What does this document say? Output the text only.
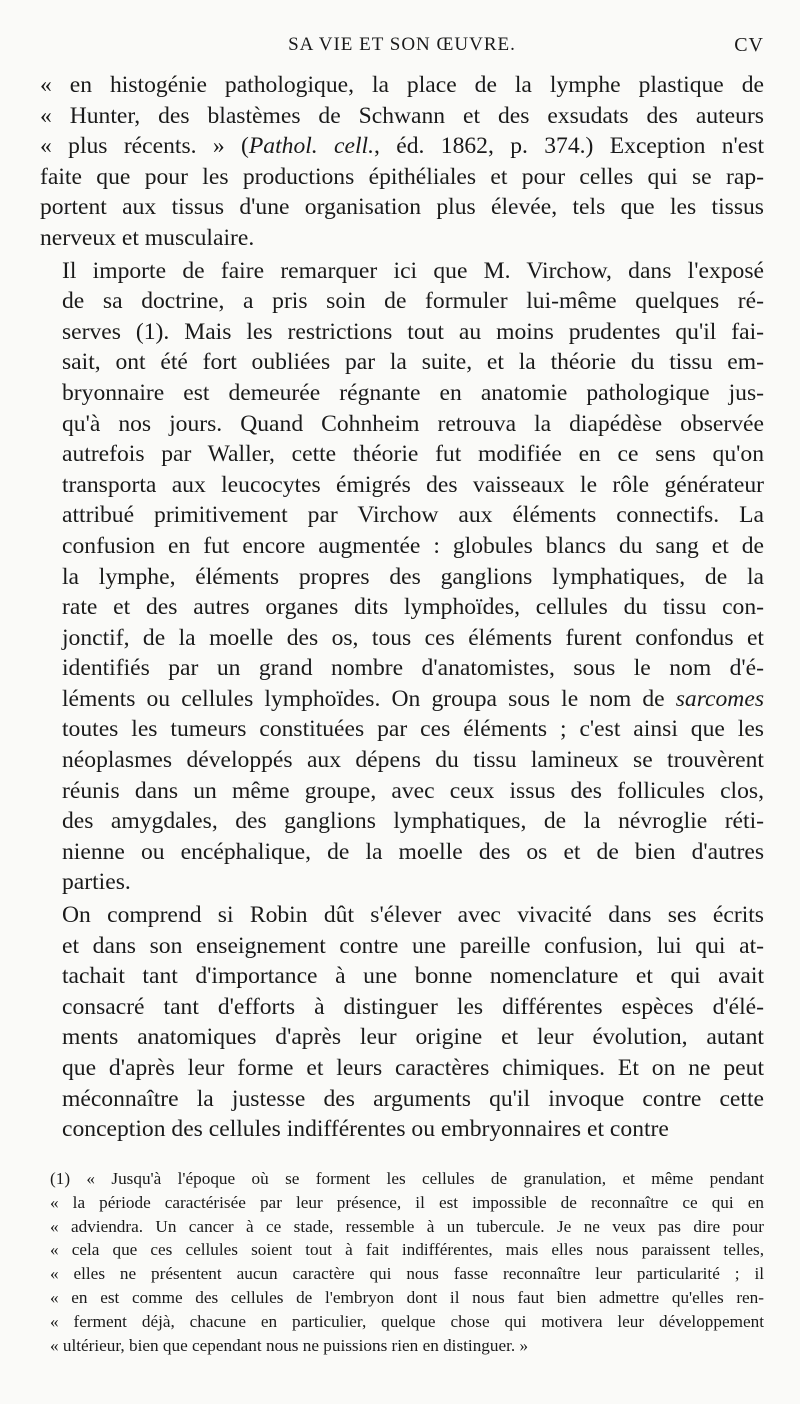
SA VIE ET SON ŒUVRE.	CV

« en histogénie pathologique, la place de la lymphe plastique de
« Hunter, des blastèmes de Schwann et des exsudats des auteurs
« plus récents. » (Pathol. cell., éd. 1862, p. 374.) Exception n'est
faite que pour les productions épithéliales et pour celles qui se rap-
portent aux tissus d'une organisation plus élevée, tels que les tissus
nerveux et musculaire.

Il importe de faire remarquer ici que M. Virchow, dans l'exposé
de sa doctrine, a pris soin de formuler lui-même quelques ré-
serves (1). Mais les restrictions tout au moins prudentes qu'il fai-
sait, ont été fort oubliées par la suite, et la théorie du tissu em-
bryonnaire est demeurée régnante en anatomie pathologique jus-
qu'à nos jours. Quand Cohnheim retrouva la diapédèse observée
autrefois par Waller, cette théorie fut modifiée en ce sens qu'on
transporta aux leucocytes émigrés des vaisseaux le rôle générateur
attribué primitivement par Virchow aux éléments connectifs. La
confusion en fut encore augmentée : globules blancs du sang et de
la lymphe, éléments propres des ganglions lymphatiques, de la
rate et des autres organes dits lymphoïdes, cellules du tissu con-
jonctif, de la moelle des os, tous ces éléments furent confondus et
identifiés par un grand nombre d'anatomistes, sous le nom d'é-
léments ou cellules lymphoïdes. On groupa sous le nom de sarcomes
toutes les tumeurs constituées par ces éléments ; c'est ainsi que les
néoplasmes développés aux dépens du tissu lamineux se trouvèrent
réunis dans un même groupe, avec ceux issus des follicules clos,
des amygdales, des ganglions lymphatiques, de la névroglie réti-
nienne ou encéphalique, de la moelle des os et de bien d'autres
parties.

On comprend si Robin dût s'élever avec vivacité dans ses écrits
et dans son enseignement contre une pareille confusion, lui qui at-
tachait tant d'importance à une bonne nomenclature et qui avait
consacré tant d'efforts à distinguer les différentes espèces d'élé-
ments anatomiques d'après leur origine et leur évolution, autant
que d'après leur forme et leurs caractères chimiques. Et on ne peut
méconnaître la justesse des arguments qu'il invoque contre cette
conception des cellules indifférentes ou embryonnaires et contre

(1) « Jusqu'à l'époque où se forment les cellules de granulation, et même pendant
« la période caractérisée par leur présence, il est impossible de reconnaître ce qui en
« adviendra. Un cancer à ce stade, ressemble à un tubercule. Je ne veux pas dire pour
« cela que ces cellules soient tout à fait indifférentes, mais elles nous paraissent telles,
« elles ne présentent aucun caractère qui nous fasse reconnaître leur particularité ; il
« en est comme des cellules de l'embryon dont il nous faut bien admettre qu'elles ren-
« ferment déjà, chacune en particulier, quelque chose qui motivera leur développement
« ultérieur, bien que cependant nous ne puissions rien en distinguer. »
